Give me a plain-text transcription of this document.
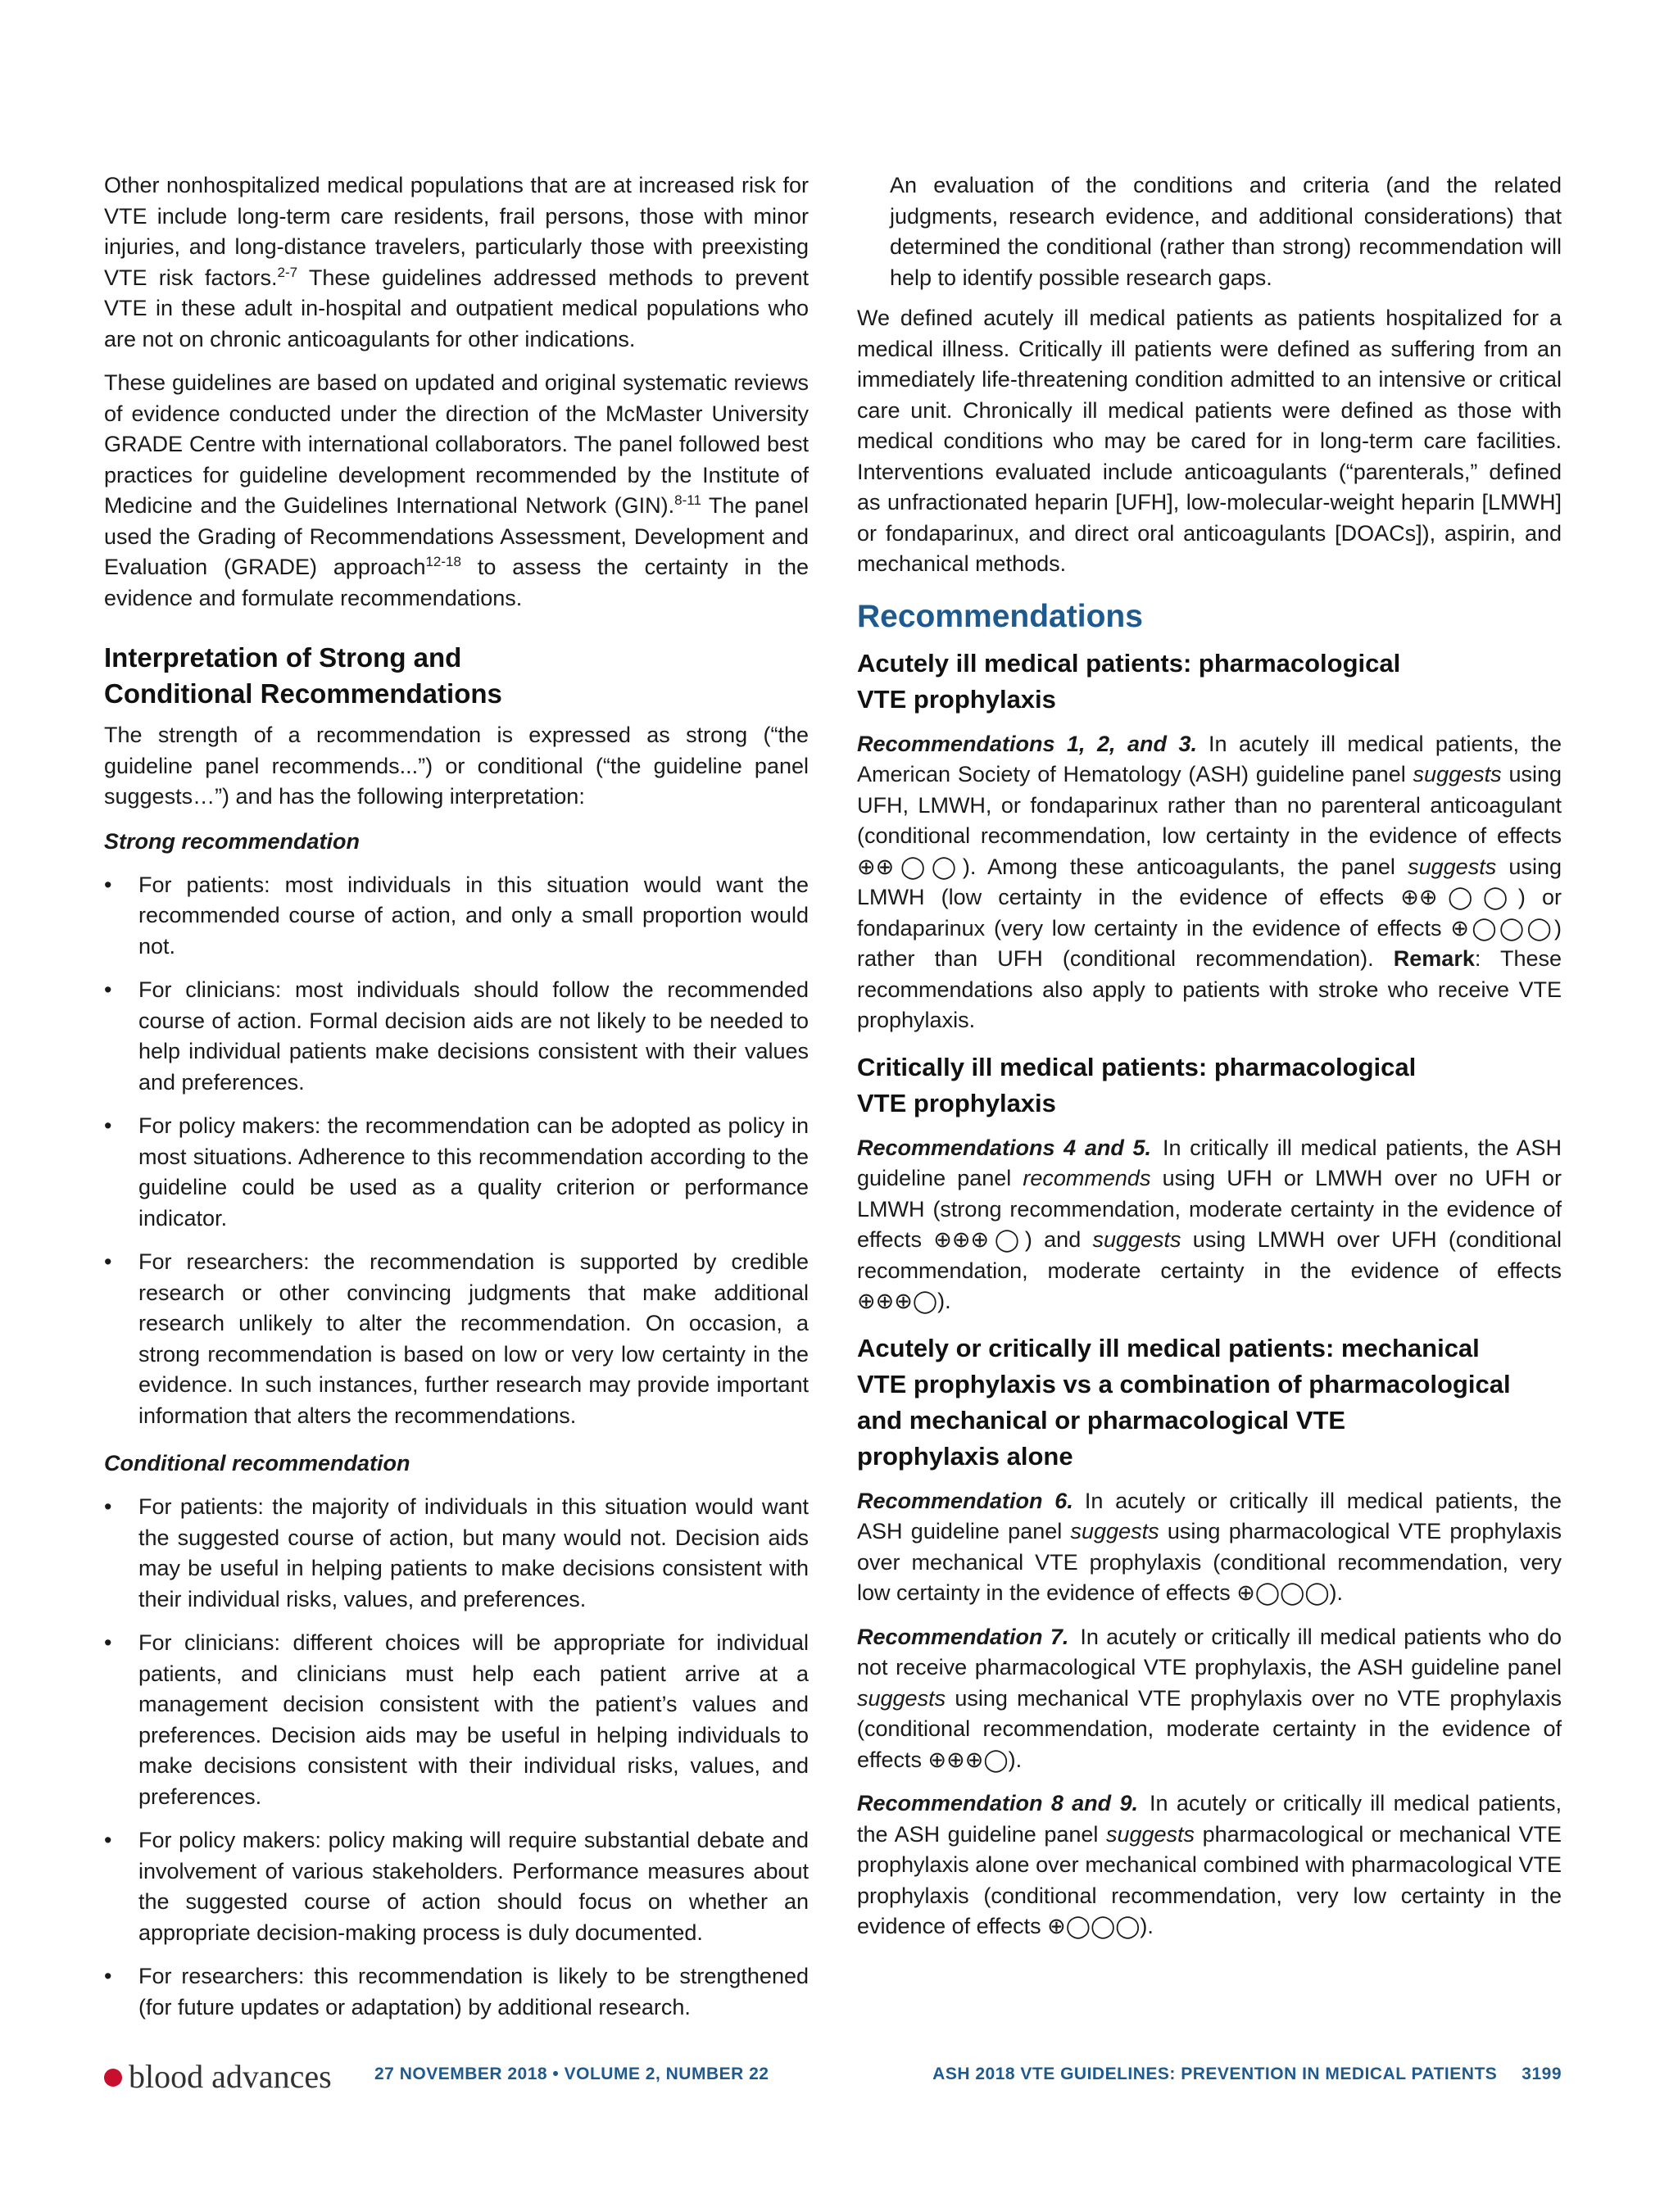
Other nonhospitalized medical populations that are at increased risk for VTE include long-term care residents, frail persons, those with minor injuries, and long-distance travelers, particularly those with preexisting VTE risk factors.$^{2-7}$ These guidelines addressed methods to prevent VTE in these adult in-hospital and outpatient medical populations who are not on chronic anticoagulants for other indications.

These guidelines are based on updated and original systematic reviews of evidence conducted under the direction of the McMaster University GRADE Centre with international collaborators. The panel followed best practices for guideline development recommended by the Institute of Medicine and the Guidelines International Network (GIN).$^{8-11}$ The panel used the Grading of Recommendations Assessment, Development and Evaluation (GRADE) approach$^{12-18}$ to assess the certainty in the evidence and formulate recommendations.

Interpretation of Strong and
Conditional Recommendations

The strength of a recommendation is expressed as strong (“the guideline panel recommends...”) or conditional (“the guideline panel suggests…”) and has the following interpretation:

Strong recommendation
• For patients: most individuals in this situation would want the recommended course of action, and only a small proportion would not.
• For clinicians: most individuals should follow the recommended course of action. Formal decision aids are not likely to be needed to help individual patients make decisions consistent with their values and preferences.
• For policy makers: the recommendation can be adopted as policy in most situations. Adherence to this recommendation according to the guideline could be used as a quality criterion or performance indicator.
• For researchers: the recommendation is supported by credible research or other convincing judgments that make additional research unlikely to alter the recommendation. On occasion, a strong recommendation is based on low or very low certainty in the evidence. In such instances, further research may provide important information that alters the recommendations.
Conditional recommendation
• For patients: the majority of individuals in this situation would want the suggested course of action, but many would not. Decision aids may be useful in helping patients to make decisions consistent with their individual risks, values, and preferences.
• For clinicians: different choices will be appropriate for individual patients, and clinicians must help each patient arrive at a management decision consistent with the patient’s values and preferences. Decision aids may be useful in helping individuals to make decisions consistent with their individual risks, values, and preferences.
• For policy makers: policy making will require substantial debate and involvement of various stakeholders. Performance measures about the suggested course of action should focus on whether an appropriate decision-making process is duly documented.
• For researchers: this recommendation is likely to be strengthened (for future updates or adaptation) by additional research.

An evaluation of the conditions and criteria (and the related judgments, research evidence, and additional considerations) that determined the conditional (rather than strong) recommendation will help to identify possible research gaps.

We defined acutely ill medical patients as patients hospitalized for a medical illness. Critically ill patients were defined as suffering from an immediately life-threatening condition admitted to an intensive or critical care unit. Chronically ill medical patients were defined as those with medical conditions who may be cared for in long-term care facilities. Interventions evaluated include anticoagulants (“parenterals,” defined as unfractionated heparin [UFH], low-molecular-weight heparin [LMWH] or fondaparinux, and direct oral anticoagulants [DOACs]), aspirin, and mechanical methods.

Recommendations
Acutely ill medical patients: pharmacological
VTE prophylaxis

Recommendations 1, 2, and 3. In acutely ill medical patients, the American Society of Hematology (ASH) guideline panel suggests using UFH, LMWH, or fondaparinux rather than no parenteral anticoagulant (conditional recommendation, low certainty in the evidence of effects ⊕⊕◯◯). Among these anticoagulants, the panel suggests using LMWH (low certainty in the evidence of effects ⊕⊕◯◯) or fondaparinux (very low certainty in the evidence of effects ⊕◯◯◯) rather than UFH (conditional recommendation). Remark: These recommendations also apply to patients with stroke who receive VTE prophylaxis.

Critically ill medical patients: pharmacological
VTE prophylaxis

Recommendations 4 and 5. In critically ill medical patients, the ASH guideline panel recommends using UFH or LMWH over no UFH or LMWH (strong recommendation, moderate certainty in the evidence of effects ⊕⊕⊕◯) and suggests using LMWH over UFH (conditional recommendation, moderate certainty in the evidence of effects ⊕⊕⊕◯).

Acutely or critically ill medical patients: mechanical
VTE prophylaxis vs a combination of pharmacological
and mechanical or pharmacological VTE
prophylaxis alone

Recommendation 6. In acutely or critically ill medical patients, the ASH guideline panel suggests using pharmacological VTE prophylaxis over mechanical VTE prophylaxis (conditional recommendation, very low certainty in the evidence of effects ⊕◯◯◯).

Recommendation 7. In acutely or critically ill medical patients who do not receive pharmacological VTE prophylaxis, the ASH guideline panel suggests using mechanical VTE prophylaxis over no VTE prophylaxis (conditional recommendation, moderate certainty in the evidence of effects ⊕⊕⊕◯).

Recommendation 8 and 9. In acutely or critically ill medical patients, the ASH guideline panel suggests pharmacological or mechanical VTE prophylaxis alone over mechanical combined with pharmacological VTE prophylaxis (conditional recommendation, very low certainty in the evidence of effects ⊕◯◯◯).

blood advances 27 NOVEMBER 2018 • VOLUME 2, NUMBER 22	ASH 2018 VTE GUIDELINES: PREVENTION IN MEDICAL PATIENTS 3199
